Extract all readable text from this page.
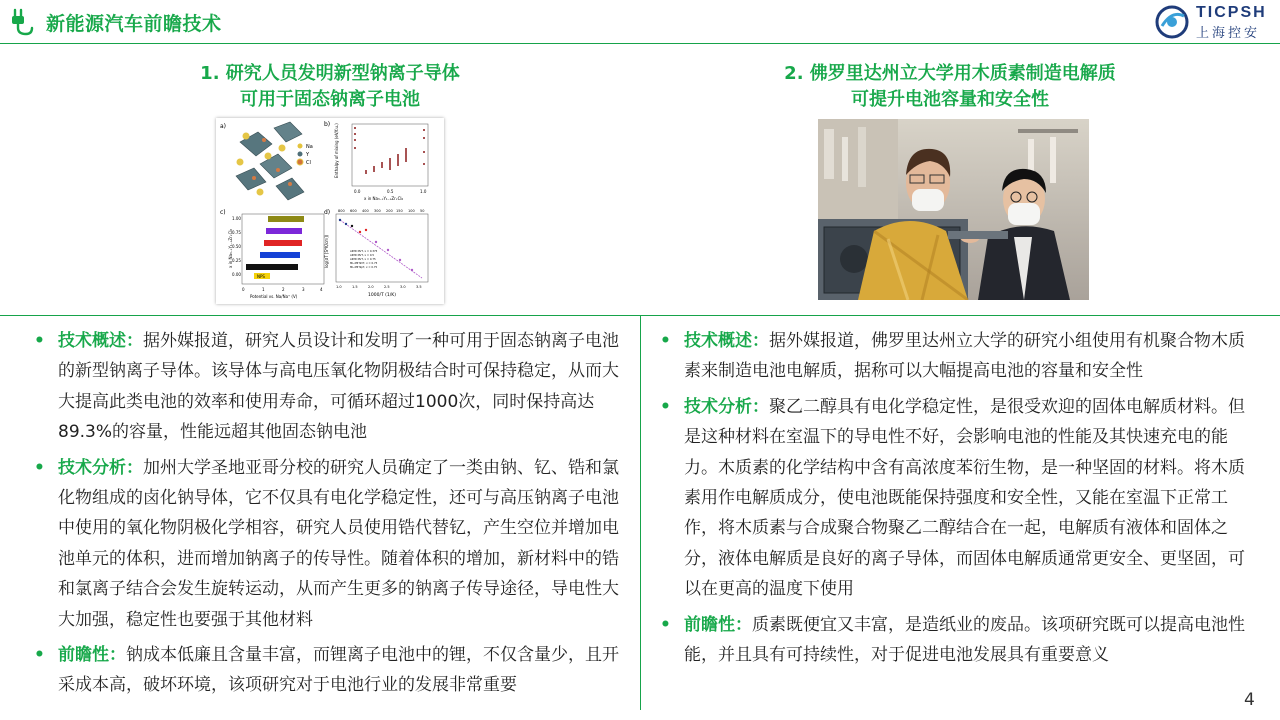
新能源汽车前瞻技术
TICPSH
上海控安
1. 研究人员发明新型钠离子导体
可用于固态钠离子电池
2. 佛罗里达州立大学用木质素制造电解质
可提升电池容量和安全性
a)
Na
Y
Cl
b) Enthalpy of mixing (eV/f.u.)
0.0	0.5	1.0
x in Na₃₋ₓY₁₋ₓZrₓCl₆
c)
x in Na₃₋ₓY₁₋ₓZrₓCl₆
1.00
0.75
0.50
0.25
0.00	NPS
0	1	2	3	4
Potential vs. Na/Na⁺ (V)
d) 800 600 400 300 200 150 100 50
log(σT [S*K/cm])	AIMD NVT, x = 0.375
AIMD NVT, x = 0.5
AIMD NVT, x = 0.75
ML-MP NVT, x = 0.75
ML-MP NpT, x = 0.75
1.0	1.5	2.0	2.5	3.0	3.5
1000/T (1/K)
• 技术概述：据外媒报道，研究人员设计和发明了一种可用于固态钠离子电池的新型钠离子导体。该导体与高电压氧化物阴极结合时可保持稳定，从而大大提高此类电池的效率和使用寿命，可循环超过1000次，同时保持高达89.3%的容量，性能远超其他固态钠电池
• 技术分析：加州大学圣地亚哥分校的研究人员确定了一类由钠、钇、锆和氯化物组成的卤化钠导体，它不仅具有电化学稳定性，还可与高压钠离子电池中使用的氧化物阴极化学相容，研究人员使用锆代替钇，产生空位并增加电池单元的体积，进而增加钠离子的传导性。随着体积的增加，新材料中的锆和氯离子结合会发生旋转运动，从而产生更多的钠离子传导途径，导电性大大加强，稳定性也要强于其他材料
• 前瞻性：钠成本低廉且含量丰富，而锂离子电池中的锂，不仅含量少，且开采成本高，破坏环境，该项研究对于电池行业的发展非常重要
• 技术概述：据外媒报道，佛罗里达州立大学的研究小组使用有机聚合物木质素来制造电池电解质，据称可以大幅提高电池的容量和安全性
• 技术分析：聚乙二醇具有电化学稳定性，是很受欢迎的固体电解质材料。但是这种材料在室温下的导电性不好，会影响电池的性能及其快速充电的能力。木质素的化学结构中含有高浓度苯衍生物，是一种坚固的材料。将木质素用作电解质成分，使电池既能保持强度和安全性，又能在室温下正常工作，将木质素与合成聚合物聚乙二醇结合在一起，电解质有液体和固体之分，液体电解质是良好的离子导体，而固体电解质通常更安全、更坚固，可以在更高的温度下使用
• 前瞻性：质素既便宜又丰富，是造纸业的废品。该项研究既可以提高电池性能，并且具有可持续性，对于促进电池发展具有重要意义
4
